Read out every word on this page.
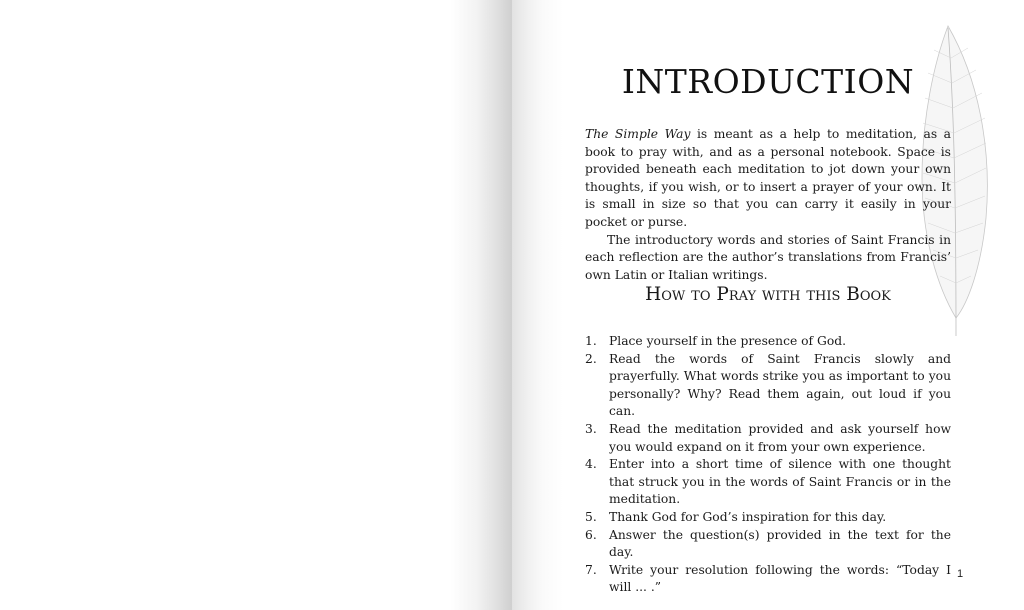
INTRODUCTION

The Simple Way is meant as a help to meditation, as a book to pray with, and as a personal notebook. Space is provided beneath each meditation to jot down your own thoughts, if you wish, or to insert a prayer of your own. It is small in size so that you can carry it easily in your pocket or purse.

The introductory words and stories of Saint Francis in each reflection are the author’s translations from Francis’ own Latin or Italian writings.

How to Pray with this Book
1. Place yourself in the presence of God.
2. Read the words of Saint Francis slowly and prayerfully. What words strike you as important to you personally? Why? Read them again, out loud if you can.
3. Read the meditation provided and ask yourself how you would expand on it from your own experience.
4. Enter into a short time of silence with one thought that struck you in the words of Saint Francis or in the meditation.
5. Thank God for God’s inspiration for this day.
6. Answer the question(s) provided in the text for the day.
7. Write your resolution following the words: “Today I will ... .”
1
